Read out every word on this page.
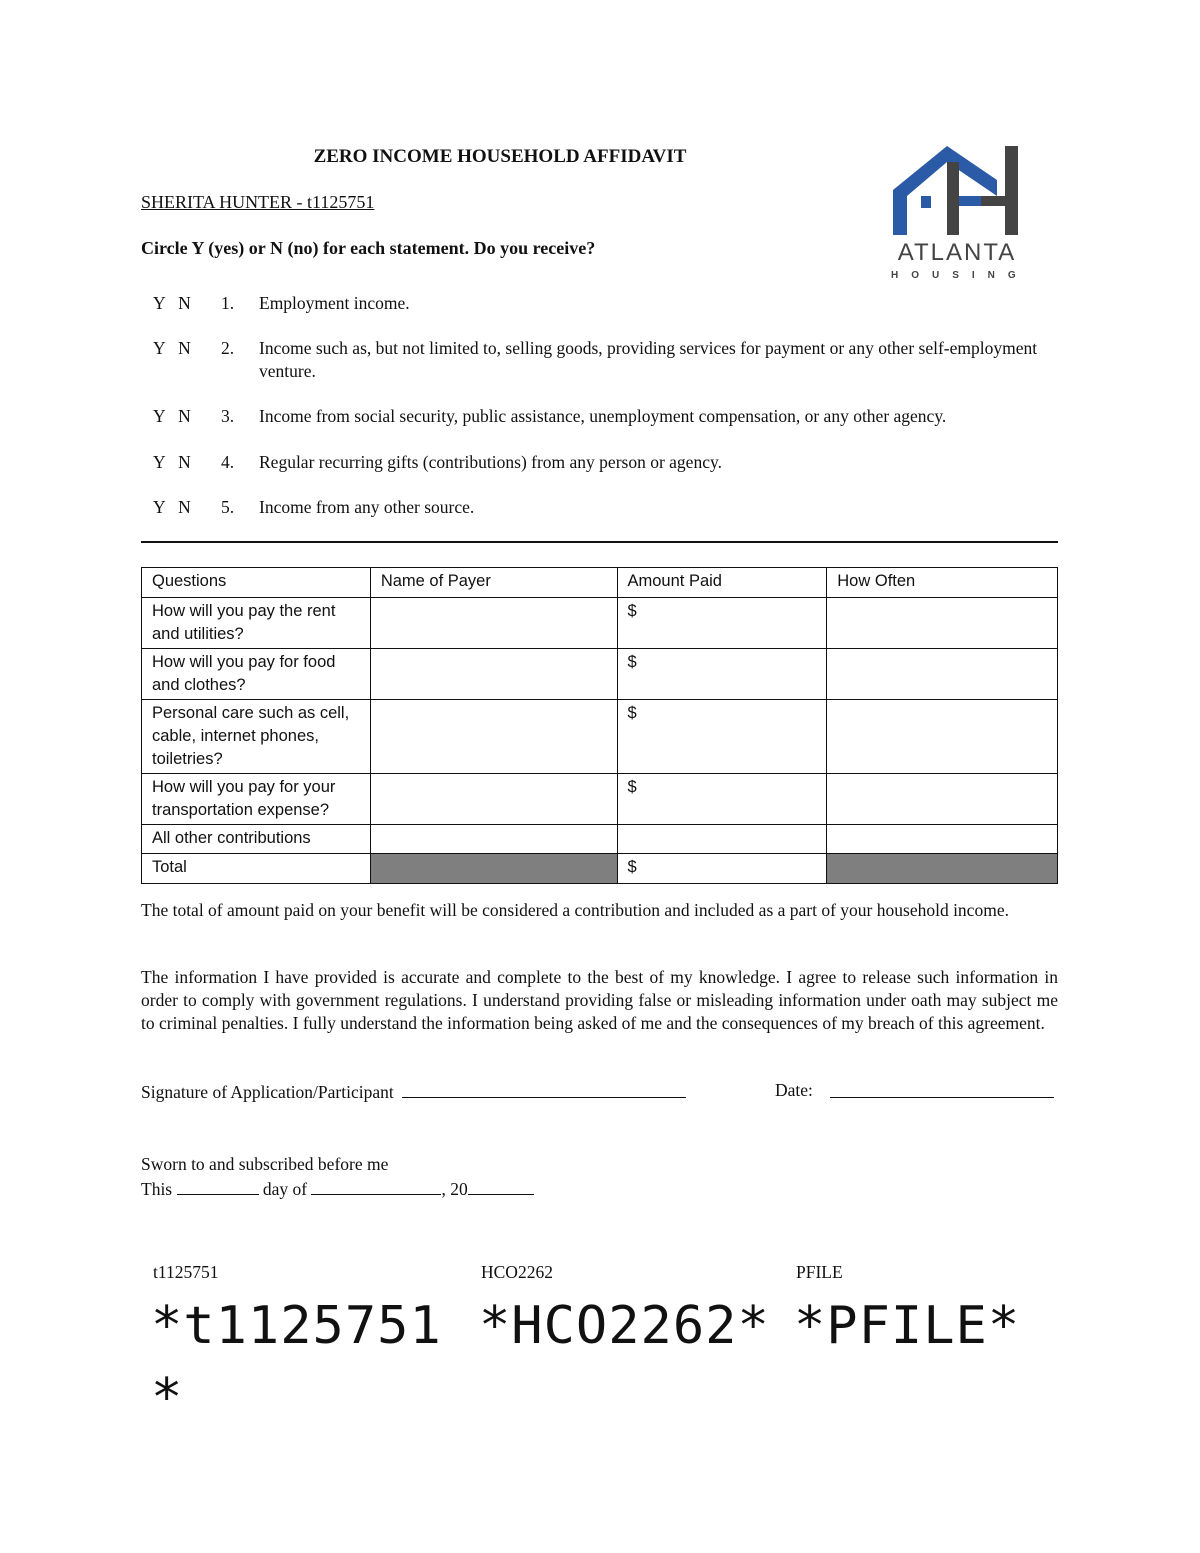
ZERO INCOME HOUSEHOLD AFFIDAVIT
ATLANTA
HOUSING
SHERITA HUNTER - t1125751
Circle Y (yes) or N (no) for each statement. Do you receive?
Y   N 1. Employment income.
Y   N 2. Income such as, but not limited to, selling goods, providing services for payment or any other self-employment venture.
Y   N 3. Income from social security, public assistance, unemployment compensation, or any other agency.
Y   N 4. Regular recurring gifts (contributions) from any person or agency.
Y   N 5. Income from any other source.
Questions	Name of Payer	Amount Paid	How Often
How will you pay the rent and utilities?		$	
How will you pay for food and clothes?		$	
Personal care such as cell, cable, internet phones, toiletries?		$	
How will you pay for your transportation expense?		$	
All other contributions			
Total		$	
The total of amount paid on your benefit will be considered a contribution and included as a part of your household income.
The information I have provided is accurate and complete to the best of my knowledge. I agree to release such information in order to comply with government regulations. I understand providing false or misleading information under oath may subject me to criminal penalties. I fully understand the information being asked of me and the consequences of my breach of this agreement.
Signature of Application/Participant	Date:
Sworn to and subscribed before me
This	day of	, 20
t1125751	HCO2262	PFILE
*t1125751*
*HCO2262* *PFILE*
